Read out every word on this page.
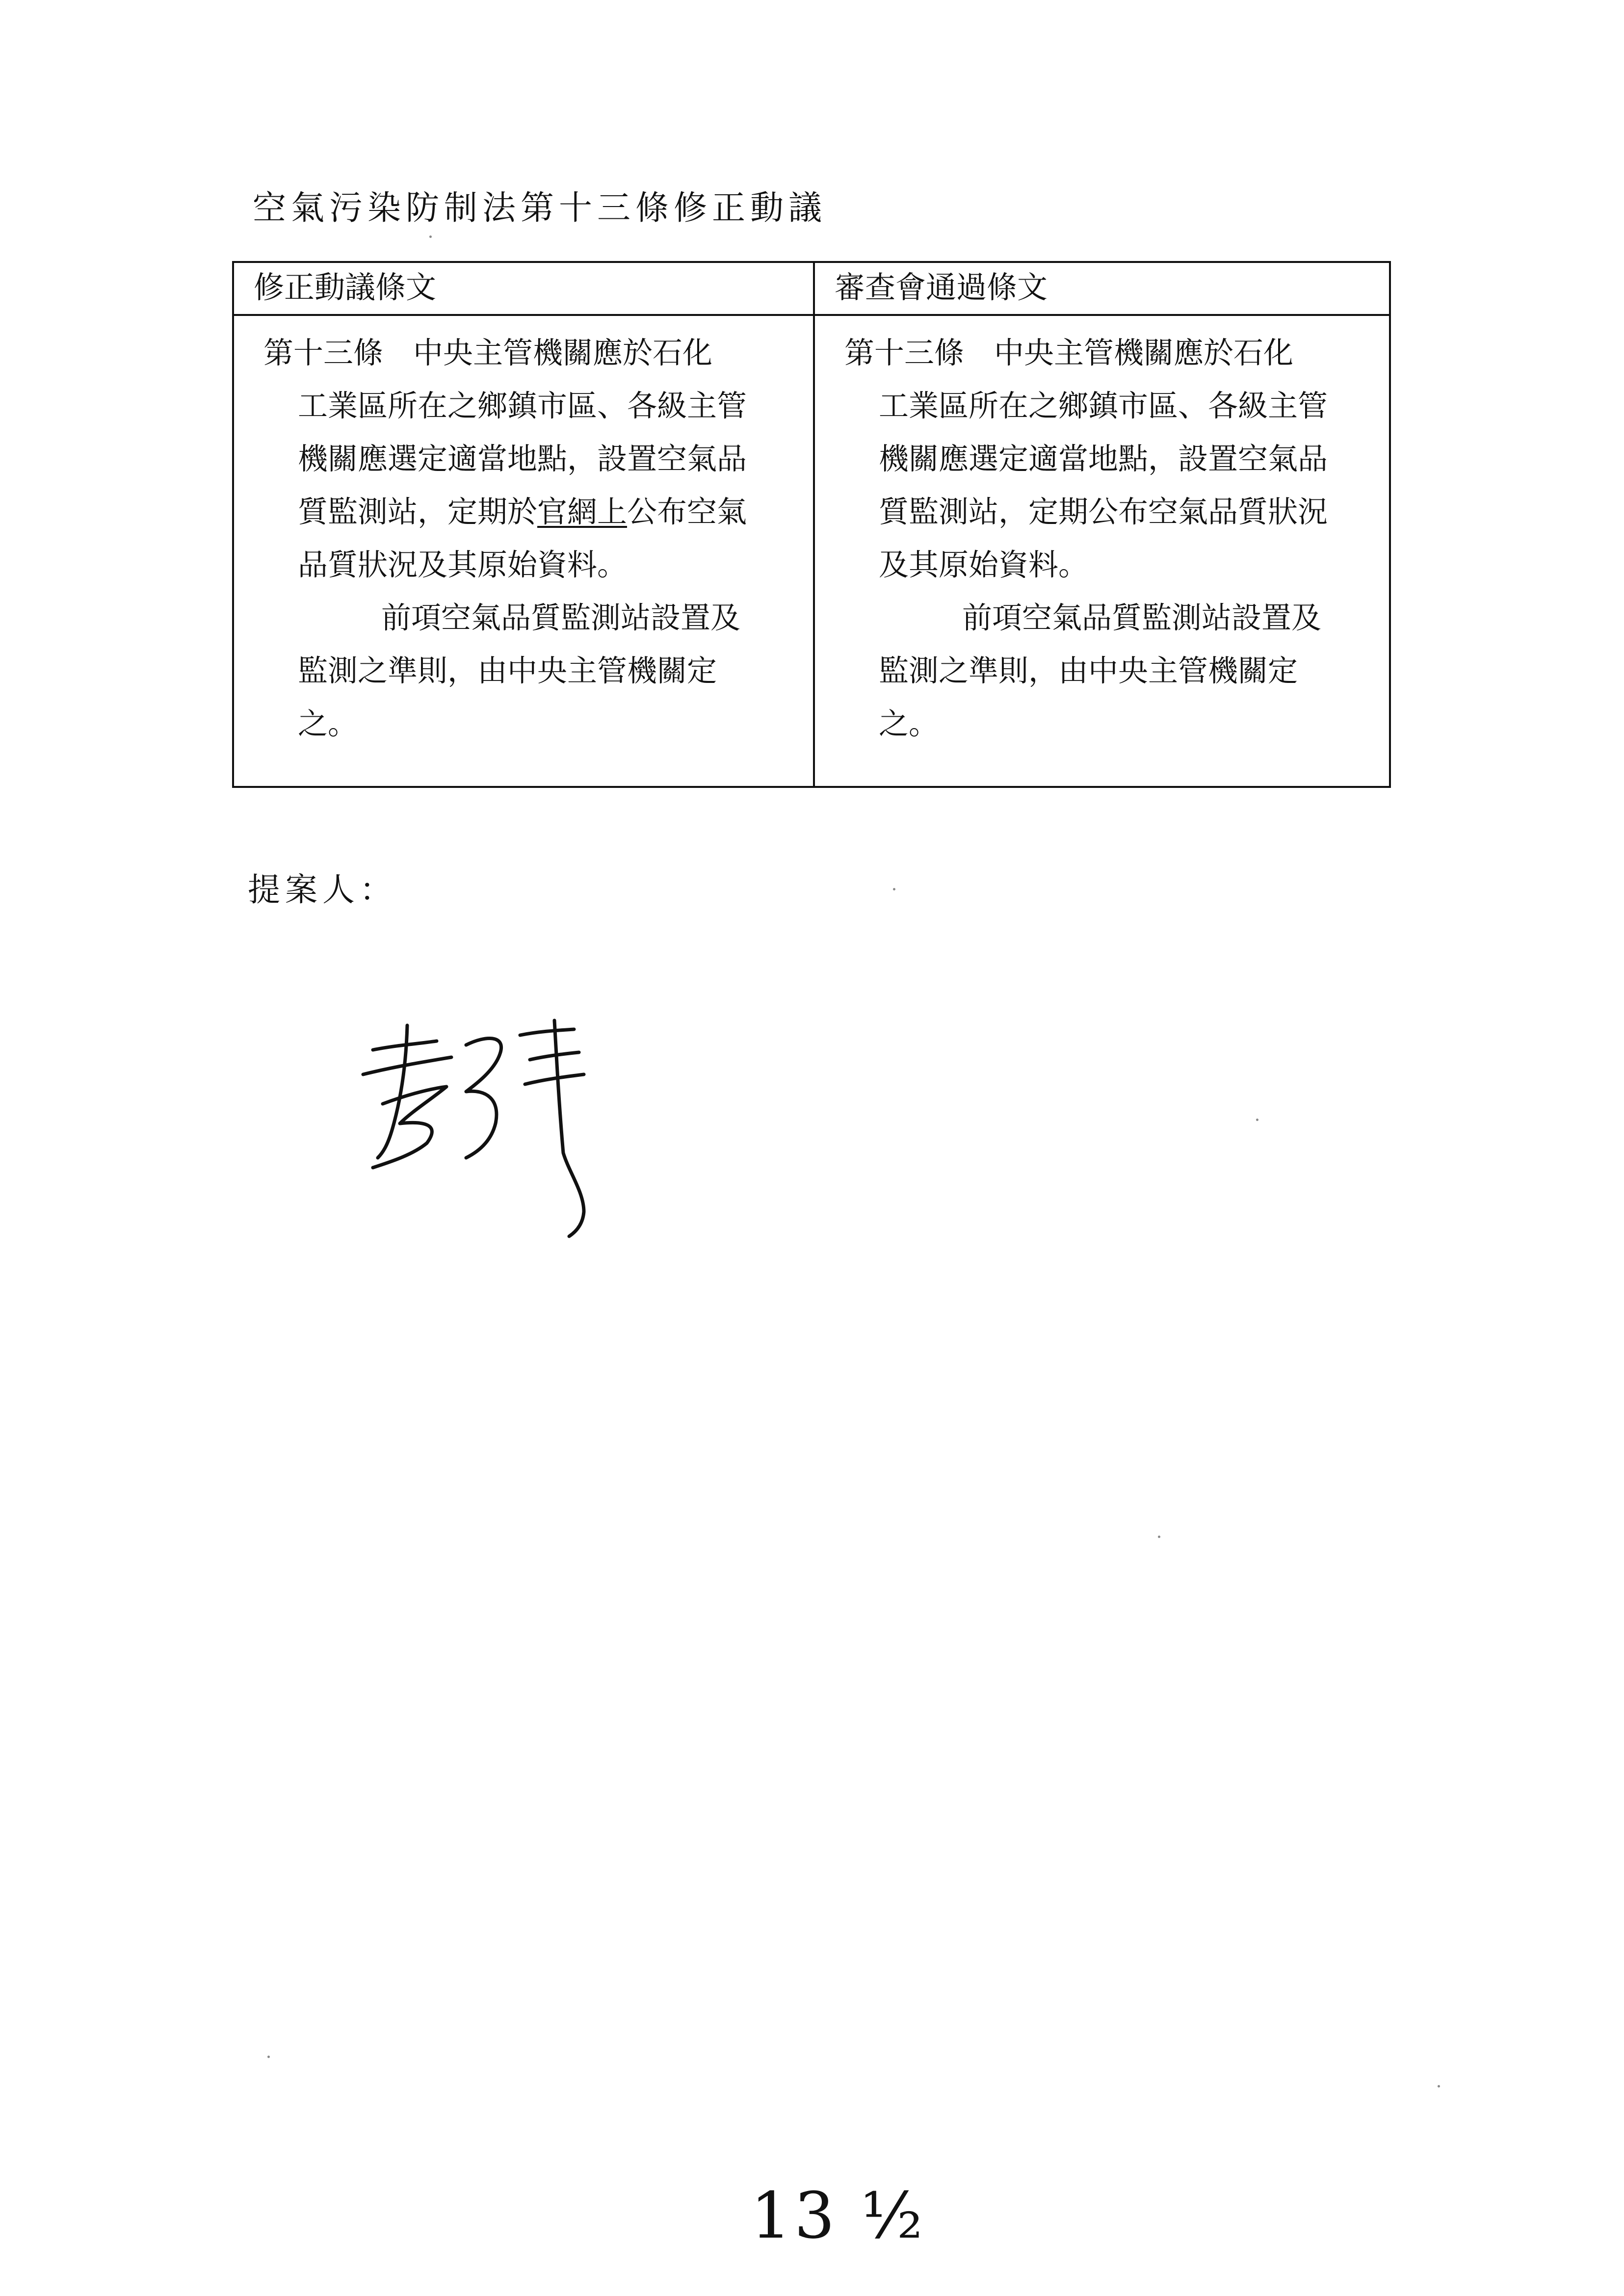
空氣污染防制法第十三條修正動議
修正動議條文	審查會通過條文
第十三條　中央主管機關應於石化
工業區所在之鄉鎮市區、各級主管
機關應選定適當地點，設置空氣品
質監測站，定期於官網上公布空氣
品質狀況及其原始資料。
前項空氣品質監測站設置及
監測之準則，由中央主管機關定
之。
第十三條　中央主管機關應於石化
工業區所在之鄉鎮市區、各級主管
機關應選定適當地點，設置空氣品
質監測站，定期公布空氣品質狀況
及其原始資料。
前項空氣品質監測站設置及
監測之準則，由中央主管機關定
之。
提案人：
13 ½
